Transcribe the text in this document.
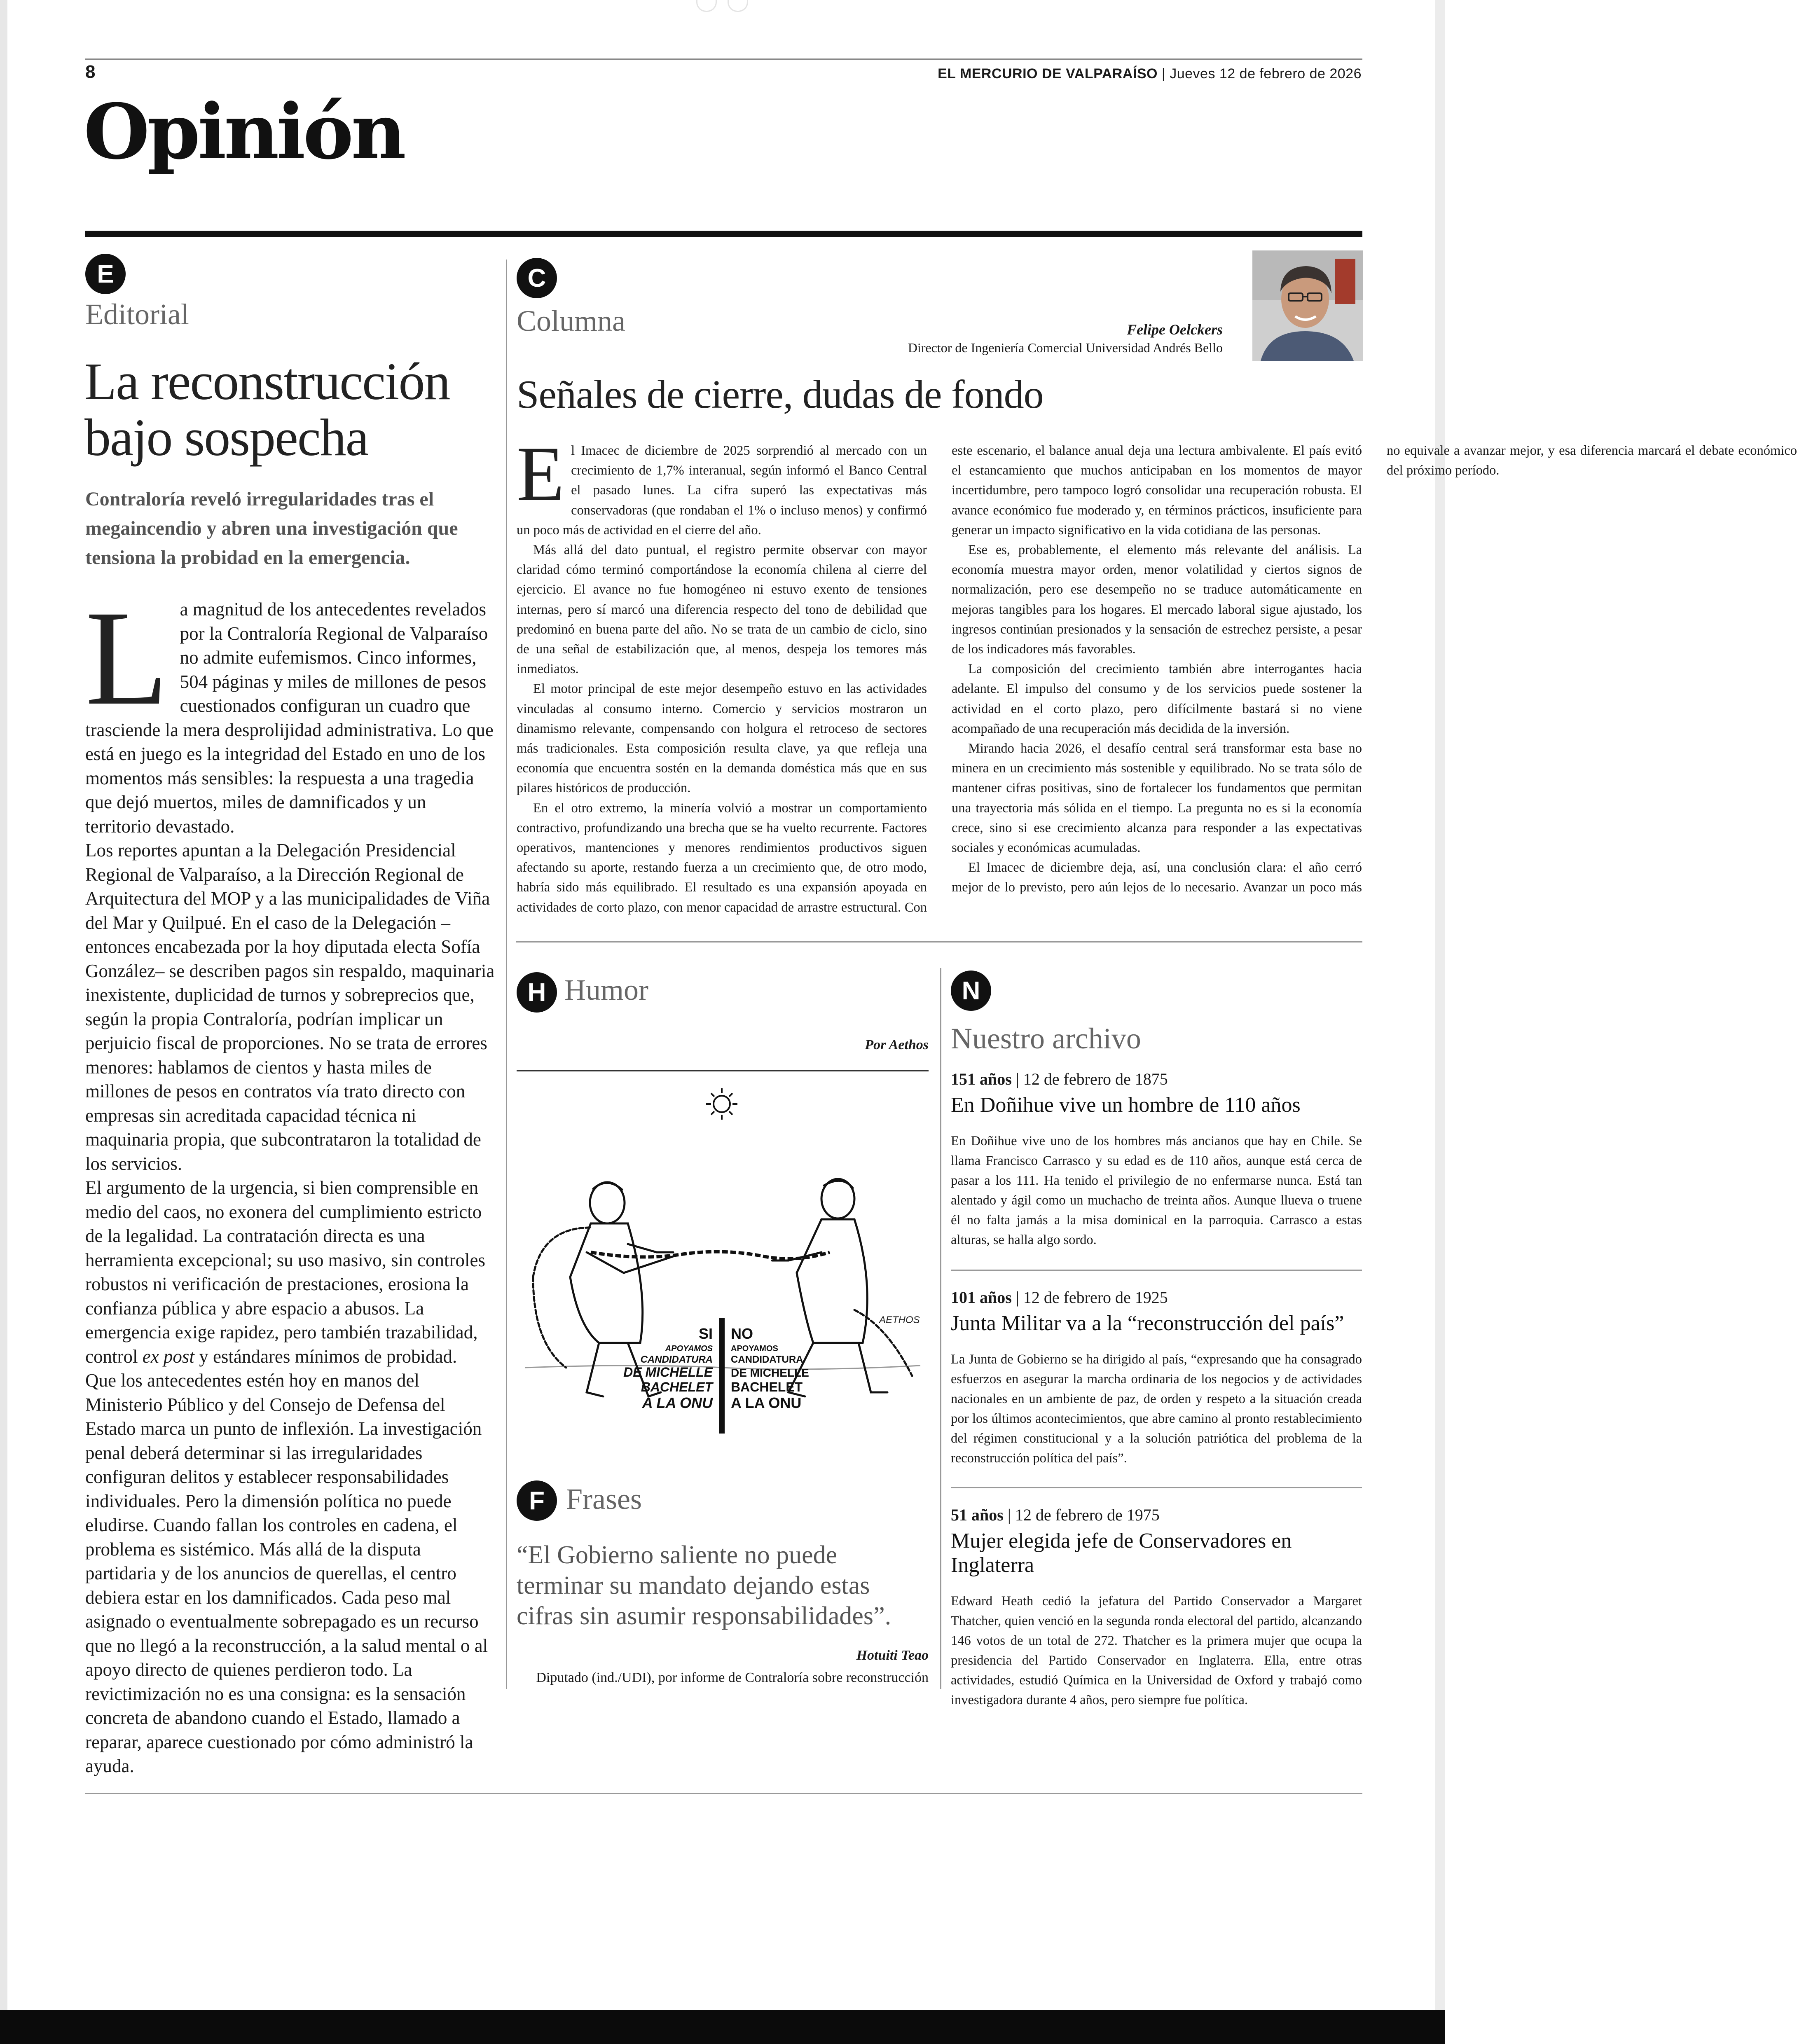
8	EL MERCURIO DE VALPARAÍSO | Jueves 12 de febrero de 2026
Opinión
E
Editorial
La reconstrucción
bajo sospecha
Contraloría reveló irregularidades tras el megaincendio y abren una investigación que tensiona la probidad en la emergencia.

La magnitud de los antecedentes revelados por la Contraloría Regional de Valparaíso no admite eufemismos. Cinco informes, 504 páginas y miles de millones de pesos cuestionados configuran un cuadro que trasciende la mera desprolijidad administrativa. Lo que está en juego es la integridad del Estado en uno de los momentos más sensibles: la respuesta a una tragedia que dejó muertos, miles de damnificados y un territorio devastado.

Los reportes apuntan a la Delegación Presidencial Regional de Valparaíso, a la Dirección Regional de Arquitectura del MOP y a las municipalidades de Viña del Mar y Quilpué. En el caso de la Delegación –entonces encabezada por la hoy diputada electa Sofía González– se describen pagos sin respaldo, maquinaria inexistente, duplicidad de turnos y sobreprecios que, según la propia Contraloría, podrían implicar un perjuicio fiscal de proporciones. No se trata de errores menores: hablamos de cientos y hasta miles de millones de pesos en contratos vía trato directo con empresas sin acreditada capacidad técnica ni maquinaria propia, que subcontrataron la totalidad de los servicios.

El argumento de la urgencia, si bien comprensible en medio del caos, no exonera del cumplimiento estricto de la legalidad. La contratación directa es una herramienta excepcional; su uso masivo, sin controles robustos ni verificación de prestaciones, erosiona la confianza pública y abre espacio a abusos. La emergencia exige rapidez, pero también trazabilidad, control ex post y estándares mínimos de probidad.

Que los antecedentes estén hoy en manos del Ministerio Público y del Consejo de Defensa del Estado marca un punto de inflexión. La investigación penal deberá determinar si las irregularidades configuran delitos y establecer responsabilidades individuales. Pero la dimensión política no puede eludirse. Cuando fallan los controles en cadena, el problema es sistémico. Más allá de la disputa partidaria y de los anuncios de querellas, el centro debiera estar en los damnificados. Cada peso mal asignado o eventualmente sobrepagado es un recurso que no llegó a la reconstrucción, a la salud mental o al apoyo directo de quienes perdieron todo. La revictimización no es una consigna: es la sensación concreta de abandono cuando el Estado, llamado a reparar, aparece cuestionado por cómo administró la ayuda.

C
Columna	Felipe Oelckers
Director de Ingeniería Comercial Universidad Andrés Bello
Señales de cierre, dudas de fondo

El Imacec de diciembre de 2025 sorprendió al mercado con un crecimiento de 1,7% interanual, según informó el Banco Central el pasado lunes. La cifra superó las expectativas más conservadoras (que rondaban el 1% o incluso menos) y confirmó un poco más de actividad en el cierre del año.

Más allá del dato puntual, el registro permite observar con mayor claridad cómo terminó comportándose la economía chilena al cierre del ejercicio. El avance no fue homogéneo ni estuvo exento de tensiones internas, pero sí marcó una diferencia respecto del tono de debilidad que predominó en buena parte del año. No se trata de un cambio de ciclo, sino de una señal de estabilización que, al menos, despeja los temores más inmediatos.

El motor principal de este mejor desempeño estuvo en las actividades vinculadas al consumo interno. Comercio y servicios mostraron un dinamismo relevante, compensando con holgura el retroceso de sectores más tradicionales. Esta composición resulta clave, ya que refleja una economía que encuentra sostén en la demanda doméstica más que en sus pilares históricos de producción.

En el otro extremo, la minería volvió a mostrar un comportamiento contractivo, profundizando una brecha que se ha vuelto recurrente. Factores operativos, mantenciones y menores rendimientos productivos siguen afectando su aporte, restando fuerza a un crecimiento que, de otro modo, habría sido más equilibrado. El resultado es una expansión apoyada en actividades de corto plazo, con menor capacidad de arrastre estructural. Con este escenario, el balance anual deja una lectura ambivalente. El país evitó el estancamiento que muchos anticipaban en los momentos de mayor incertidumbre, pero tampoco logró consolidar una recuperación robusta. El avance económico fue moderado y, en términos prácticos, insuficiente para generar un impacto significativo en la vida cotidiana de las personas.

Ese es, probablemente, el elemento más relevante del análisis. La economía muestra mayor orden, menor volatilidad y ciertos signos de normalización, pero ese desempeño no se traduce automáticamente en mejoras tangibles para los hogares. El mercado laboral sigue ajustado, los ingresos continúan presionados y la sensación de estrechez persiste, a pesar de los indicadores más favorables.

La composición del crecimiento también abre interrogantes hacia adelante. El impulso del consumo y de los servicios puede sostener la actividad en el corto plazo, pero difícilmente bastará si no viene acompañado de una recuperación más decidida de la inversión.

Mirando hacia 2026, el desafío central será transformar esta base no minera en un crecimiento más sostenible y equilibrado. No se trata sólo de mantener cifras positivas, sino de fortalecer los fundamentos que permitan una trayectoria más sólida en el tiempo. La pregunta no es si la economía crece, sino si ese crecimiento alcanza para responder a las expectativas sociales y económicas acumuladas.

El Imacec de diciembre deja, así, una conclusión clara: el año cerró mejor de lo previsto, pero aún lejos de lo necesario. Avanzar un poco más no equivale a avanzar mejor, y esa diferencia marcará el debate económico del próximo período.

H Humor
Por Aethos
SI
APOYAMOS
CANDIDATURA
DE MICHELLE
BACHELET
A LA ONU
NO
APOYAMOS
CANDIDATURA
DE MICHELLE
BACHELET
A LA ONU
AETHOS
F Frases
“El Gobierno saliente no puede terminar su mandato dejando estas cifras sin asumir responsabilidades”.
Hotuiti Teao
Diputado (ind./UDI), por informe de Contraloría sobre reconstrucción
N
Nuestro archivo
151 años | 12 de febrero de 1875
En Doñihue vive un hombre de 110 años
En Doñihue vive uno de los hombres más ancianos que hay en Chile. Se llama Francisco Carrasco y su edad es de 110 años, aunque está cerca de pasar a los 111. Ha tenido el privilegio de no enfermarse nunca. Está tan alentado y ágil como un muchacho de treinta años. Aunque llueva o truene él no falta jamás a la misa dominical en la parroquia. Carrasco a estas alturas, se halla algo sordo.
101 años | 12 de febrero de 1925
Junta Militar va a la “reconstrucción del país”
La Junta de Gobierno se ha dirigido al país, “expresando que ha consagrado esfuerzos en asegurar la marcha ordinaria de los negocios y de actividades nacionales en un ambiente de paz, de orden y respeto a la situación creada por los últimos acontecimientos, que abre camino al pronto restablecimiento del régimen constitucional y a la solución patriótica del problema de la reconstrucción política del país”.
51 años | 12 de febrero de 1975
Mujer elegida jefe de Conservadores en Inglaterra
Edward Heath cedió la jefatura del Partido Conservador a Margaret Thatcher, quien venció en la segunda ronda electoral del partido, alcanzando 146 votos de un total de 272. Thatcher es la primera mujer que ocupa la presidencia del Partido Conservador en Inglaterra. Ella, entre otras actividades, estudió Química en la Universidad de Oxford y trabajó como investigadora durante 4 años, pero siempre fue política.
